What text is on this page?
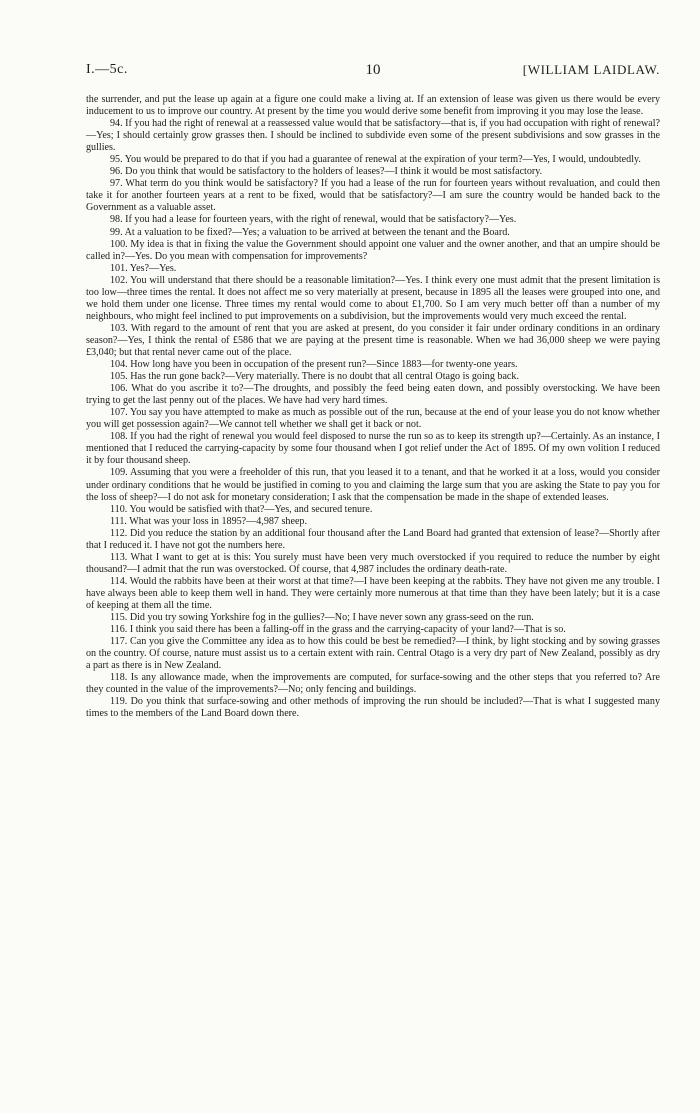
I.—5c.	10	[WILLIAM LAIDLAW.

the surrender, and put the lease up again at a figure one could make a living at. If an extension of lease was given us there would be every inducement to us to improve our country. At present by the time you would derive some benefit from improving it you may lose the lease.

94. If you had the right of renewal at a reassessed value would that be satisfactory—that is, if you had occupation with right of renewal?—Yes; I should certainly grow grasses then. I should be inclined to subdivide even some of the present subdivisions and sow grasses in the gullies.

95. You would be prepared to do that if you had a guarantee of renewal at the expiration of your term?—Yes, I would, undoubtedly.

96. Do you think that would be satisfactory to the holders of leases?—I think it would be most satisfactory.

97. What term do you think would be satisfactory? If you had a lease of the run for fourteen years without revaluation, and could then take it for another fourteen years at a rent to be fixed, would that be satisfactory?—I am sure the country would be handed back to the Government as a valuable asset.

98. If you had a lease for fourteen years, with the right of renewal, would that be satisfactory?—Yes.

99. At a valuation to be fixed?—Yes; a valuation to be arrived at between the tenant and the Board.

100. My idea is that in fixing the value the Government should appoint one valuer and the owner another, and that an umpire should be called in?—Yes. Do you mean with compensation for improvements?

101. Yes?—Yes.

102. You will understand that there should be a reasonable limitation?—Yes. I think every one must admit that the present limitation is too low—three times the rental. It does not affect me so very materially at present, because in 1895 all the leases were grouped into one, and we hold them under one license. Three times my rental would come to about £1,700. So I am very much better off than a number of my neighbours, who might feel inclined to put improvements on a subdivision, but the improvements would very much exceed the rental.

103. With regard to the amount of rent that you are asked at present, do you consider it fair under ordinary conditions in an ordinary season?—Yes, I think the rental of £586 that we are paying at the present time is reasonable. When we had 36,000 sheep we were paying £3,040; but that rental never came out of the place.

104. How long have you been in occupation of the present run?—Since 1883—for twenty-one years.

105. Has the run gone back?—Very materially. There is no doubt that all central Otago is going back.

106. What do you ascribe it to?—The droughts, and possibly the feed being eaten down, and possibly overstocking. We have been trying to get the last penny out of the places. We have had very hard times.

107. You say you have attempted to make as much as possible out of the run, because at the end of your lease you do not know whether you will get possession again?—We cannot tell whether we shall get it back or not.

108. If you had the right of renewal you would feel disposed to nurse the run so as to keep its strength up?—Certainly. As an instance, I mentioned that I reduced the carrying-capacity by some four thousand when I got relief under the Act of 1895. Of my own volition I reduced it by four thousand sheep.

109. Assuming that you were a freeholder of this run, that you leased it to a tenant, and that he worked it at a loss, would you consider under ordinary conditions that he would be justified in coming to you and claiming the large sum that you are asking the State to pay you for the loss of sheep?—I do not ask for monetary consideration; I ask that the compensation be made in the shape of extended leases.

110. You would be satisfied with that?—Yes, and secured tenure.

111. What was your loss in 1895?—4,987 sheep.

112. Did you reduce the station by an additional four thousand after the Land Board had granted that extension of lease?—Shortly after that I reduced it. I have not got the numbers here.

113. What I want to get at is this: You surely must have been very much overstocked if you required to reduce the number by eight thousand?—I admit that the run was overstocked. Of course, that 4,987 includes the ordinary death-rate.

114. Would the rabbits have been at their worst at that time?—I have been keeping at the rabbits. They have not given me any trouble. I have always been able to keep them well in hand. They were certainly more numerous at that time than they have been lately; but it is a case of keeping at them all the time.

115. Did you try sowing Yorkshire fog in the gullies?—No; I have never sown any grass-seed on the run.

116. I think you said there has been a falling-off in the grass and the carrying-capacity of your land?—That is so.

117. Can you give the Committee any idea as to how this could be best be remedied?—I think, by light stocking and by sowing grasses on the country. Of course, nature must assist us to a certain extent with rain. Central Otago is a very dry part of New Zealand, possibly as dry a part as there is in New Zealand.

118. Is any allowance made, when the improvements are computed, for surface-sowing and the other steps that you referred to? Are they counted in the value of the improvements?—No; only fencing and buildings.

119. Do you think that surface-sowing and other methods of improving the run should be included?—That is what I suggested many times to the members of the Land Board down there.
